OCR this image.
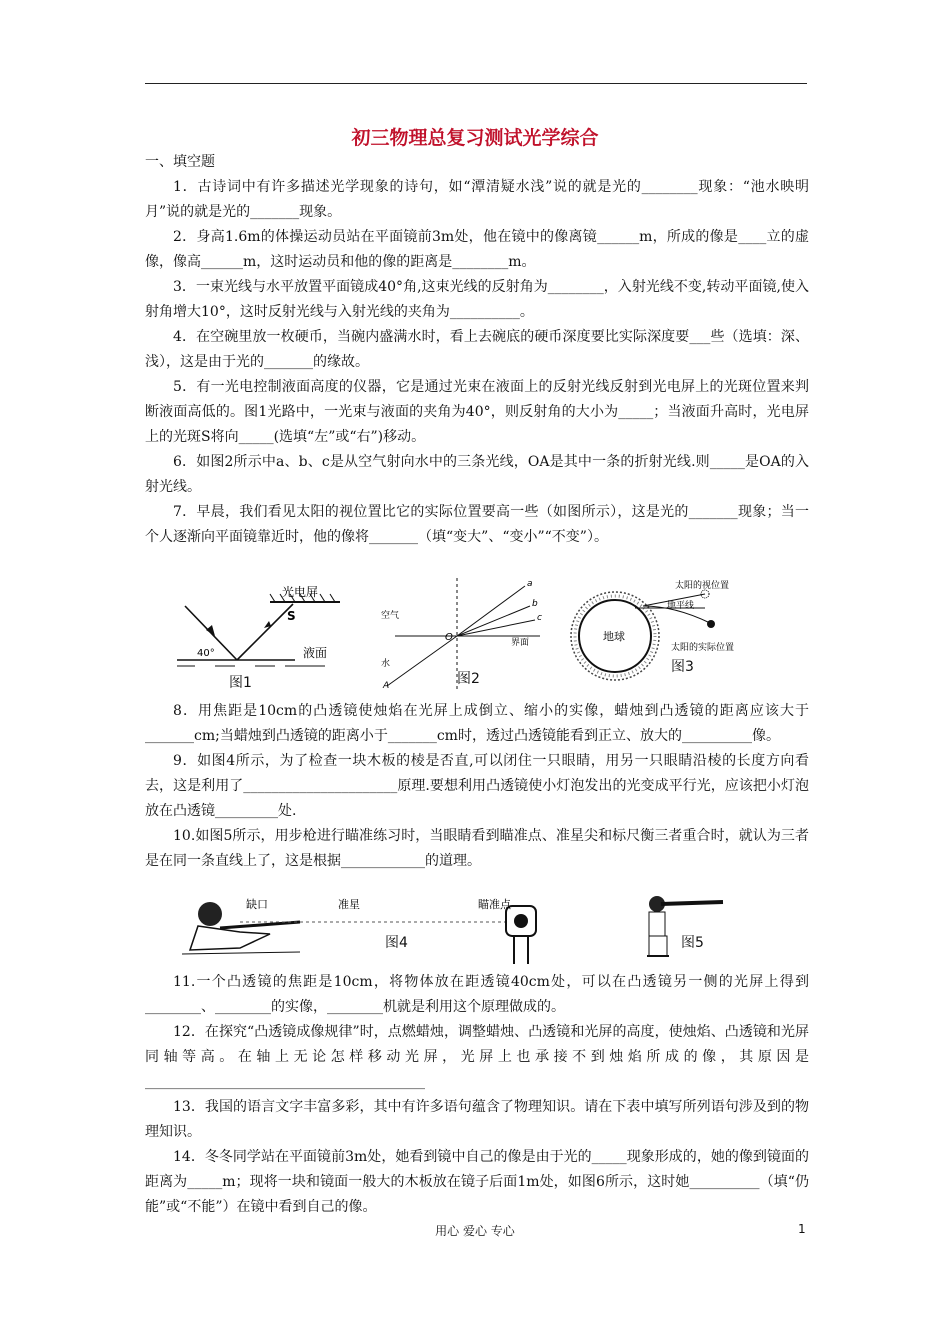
初三物理总复习测试光学综合

一、填空题

1．古诗词中有许多描述光学现象的诗句，如“潭清疑水浅”说的就是光的________现象：“池水映明月”说的就是光的_______现象。

2．身高1.6m的体操运动员站在平面镜前3m处，他在镜中的像离镜______m，所成的像是____立的虚像，像高______m，这时运动员和他的像的距离是________m。

3．一束光线与水平放置平面镜成40°角,这束光线的反射角为________，入射光线不变,转动平面镜,使入射角增大10°，这时反射光线与入射光线的夹角为__________。

4．在空碗里放一枚硬币，当碗内盛满水时，看上去碗底的硬币深度要比实际深度要___些（选填：深、浅），这是由于光的_______的缘故。

5．有一光电控制液面高度的仪器，它是通过光束在液面上的反射光线反射到光电屏上的光斑位置来判断液面高低的。图1光路中，一光束与液面的夹角为40°，则反射角的大小为_____；当液面升高时，光电屏上的光斑S将向_____(选填“左”或“右”)移动。

6．如图2所示中a、b、c是从空气射向水中的三条光线，OA是其中一条的折射光线.则_____是OA的入射光线。

7．早晨，我们看见太阳的视位置比它的实际位置要高一些（如图所示），这是光的_______现象；当一个人逐渐向平面镜靠近时，他的像将_______（填“变大”、“变小”“不变”）。

光电屏
S
40°	液面
图1
空气
水
界面
a
b
c
O
A	图2
地球
太阳的视位置
地平线
太阳的实际位置
图3

8．用焦距是10cm的凸透镜使烛焰在光屏上成倒立、缩小的实像，蜡烛到凸透镜的距离应该大于_______cm;当蜡烛到凸透镜的距离小于_______cm时，透过凸透镜能看到正立、放大的__________像。

9．如图4所示，为了检查一块木板的棱是否直,可以闭住一只眼睛，用另一只眼睛沿棱的长度方向看去，这是利用了______________________原理.要想利用凸透镜使小灯泡发出的光变成平行光，应该把小灯泡放在凸透镜_________处.

10.如图5所示，用步枪进行瞄准练习时，当眼睛看到瞄准点、准星尖和标尺衡三者重合时，就认为三者是在同一条直线上了，这是根据____________的道理。

缺口	准星	瞄准点
图4	图5

11.一个凸透镜的焦距是10cm，将物体放在距透镜40cm处，可以在凸透镜另一侧的光屏上得到________、________的实像，________机就是利用这个原理做成的。

12．在探究“凸透镜成像规律”时，点燃蜡烛，调整蜡烛、凸透镜和光屏的高度，使烛焰、凸透镜和光屏同轴等高。在轴上无论怎样移动光屏，光屏上也承接不到烛焰所成的像，其原因是________________________________________

13．我国的语言文字丰富多彩，其中有许多语句蕴含了物理知识。请在下表中填写所列语句涉及到的物理知识。

14．冬冬同学站在平面镜前3m处，她看到镜中自己的像是由于光的_____现象形成的，她的像到镜面的距离为_____m；现将一块和镜面一般大的木板放在镜子后面1m处，如图6所示，这时她__________（填“仍能”或“不能”）在镜中看到自己的像。

用心 爱心 专心	1
